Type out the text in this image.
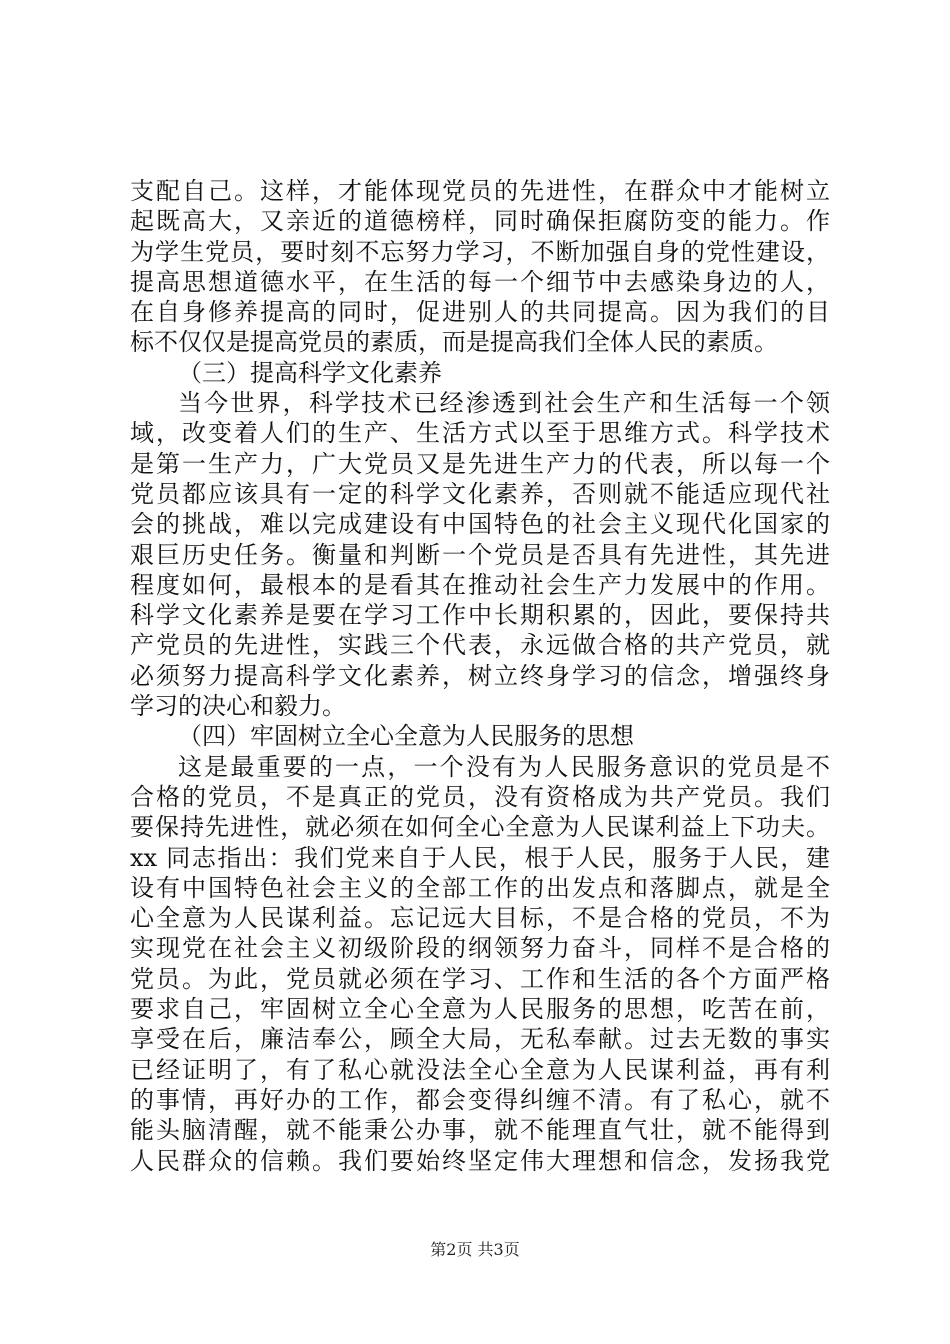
支配自己。这样，才能体现党员的先进性，在群众中才能树立
起既高大，又亲近的道德榜样，同时确保拒腐防变的能力。作
为学生党员，要时刻不忘努力学习，不断加强自身的党性建设，
提高思想道德水平，在生活的每一个细节中去感染身边的人，
在自身修养提高的同时，促进别人的共同提高。因为我们的目
标不仅仅是提高党员的素质，而是提高我们全体人民的素质。
（三）提高科学文化素养
当今世界，科学技术已经渗透到社会生产和生活每一个领
域，改变着人们的生产、生活方式以至于思维方式。科学技术
是第一生产力，广大党员又是先进生产力的代表，所以每一个
党员都应该具有一定的科学文化素养，否则就不能适应现代社
会的挑战，难以完成建设有中国特色的社会主义现代化国家的
艰巨历史任务。衡量和判断一个党员是否具有先进性，其先进
程度如何，最根本的是看其在推动社会生产力发展中的作用。
科学文化素养是要在学习工作中长期积累的，因此，要保持共
产党员的先进性，实践三个代表，永远做合格的共产党员，就
必须努力提高科学文化素养，树立终身学习的信念，增强终身
学习的决心和毅力。
（四）牢固树立全心全意为人民服务的思想
这是最重要的一点，一个没有为人民服务意识的党员是不
合格的党员，不是真正的党员，没有资格成为共产党员。我们
要保持先进性，就必须在如何全心全意为人民谋利益上下功夫。
xx 同志指出：我们党来自于人民，根于人民，服务于人民，建
设有中国特色社会主义的全部工作的出发点和落脚点，就是全
心全意为人民谋利益。忘记远大目标，不是合格的党员，不为
实现党在社会主义初级阶段的纲领努力奋斗，同样不是合格的
党员。为此，党员就必须在学习、工作和生活的各个方面严格
要求自己，牢固树立全心全意为人民服务的思想，吃苦在前，
享受在后，廉洁奉公，顾全大局，无私奉献。过去无数的事实
已经证明了，有了私心就没法全心全意为人民谋利益，再有利
的事情，再好办的工作，都会变得纠缠不清。有了私心，就不
能头脑清醒，就不能秉公办事，就不能理直气壮，就不能得到
人民群众的信赖。我们要始终坚定伟大理想和信念，发扬我党
第2页 共3页
